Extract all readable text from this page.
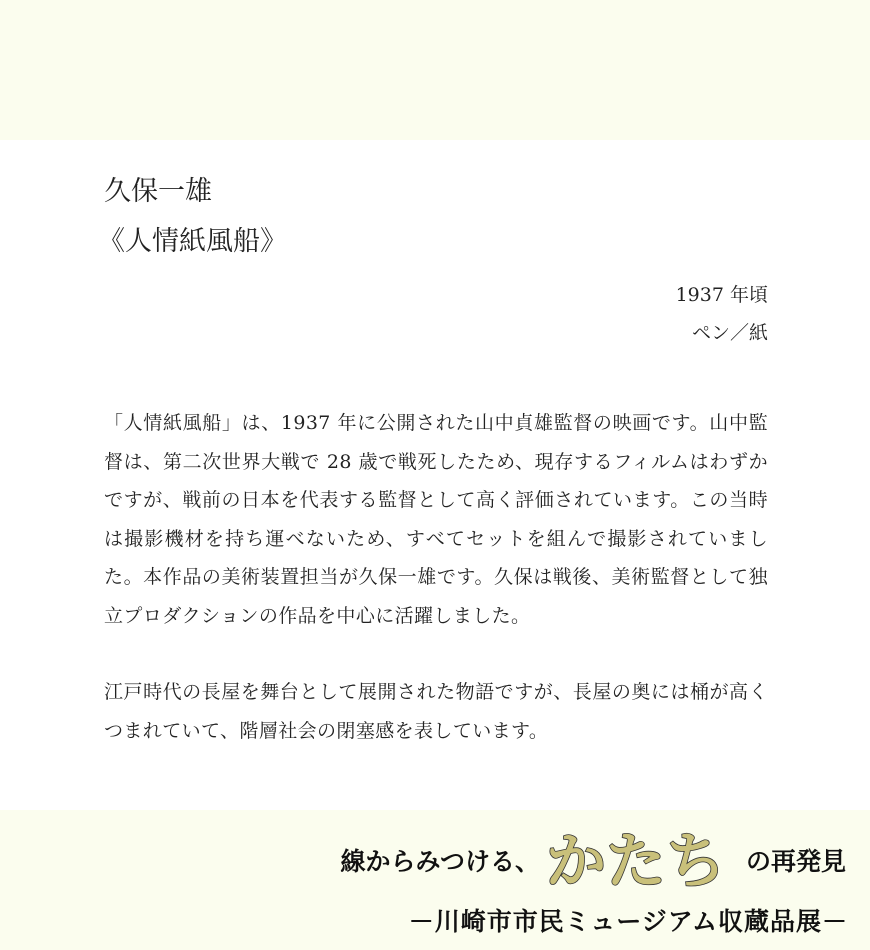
久保一雄
《人情紙風船》
1937 年頃
ペン／紙

「人情紙風船」は、1937 年に公開された山中貞雄監督の映画です。山中監督は、第二次世界大戦で 28 歳で戦死したため、現存するフィルムはわずかですが、戦前の日本を代表する監督として高く評価されています。この当時は撮影機材を持ち運べないため、すべてセットを組んで撮影されていました。本作品の美術装置担当が久保一雄です。久保は戦後、美術監督として独立プロダクションの作品を中心に活躍しました。

江戸時代の長屋を舞台として展開された物語ですが、長屋の奥には桶が高くつまれていて、階層社会の閉塞感を表しています。

線からみつける、 かたち の再発見
－川崎市市民ミュージアム収蔵品展－
